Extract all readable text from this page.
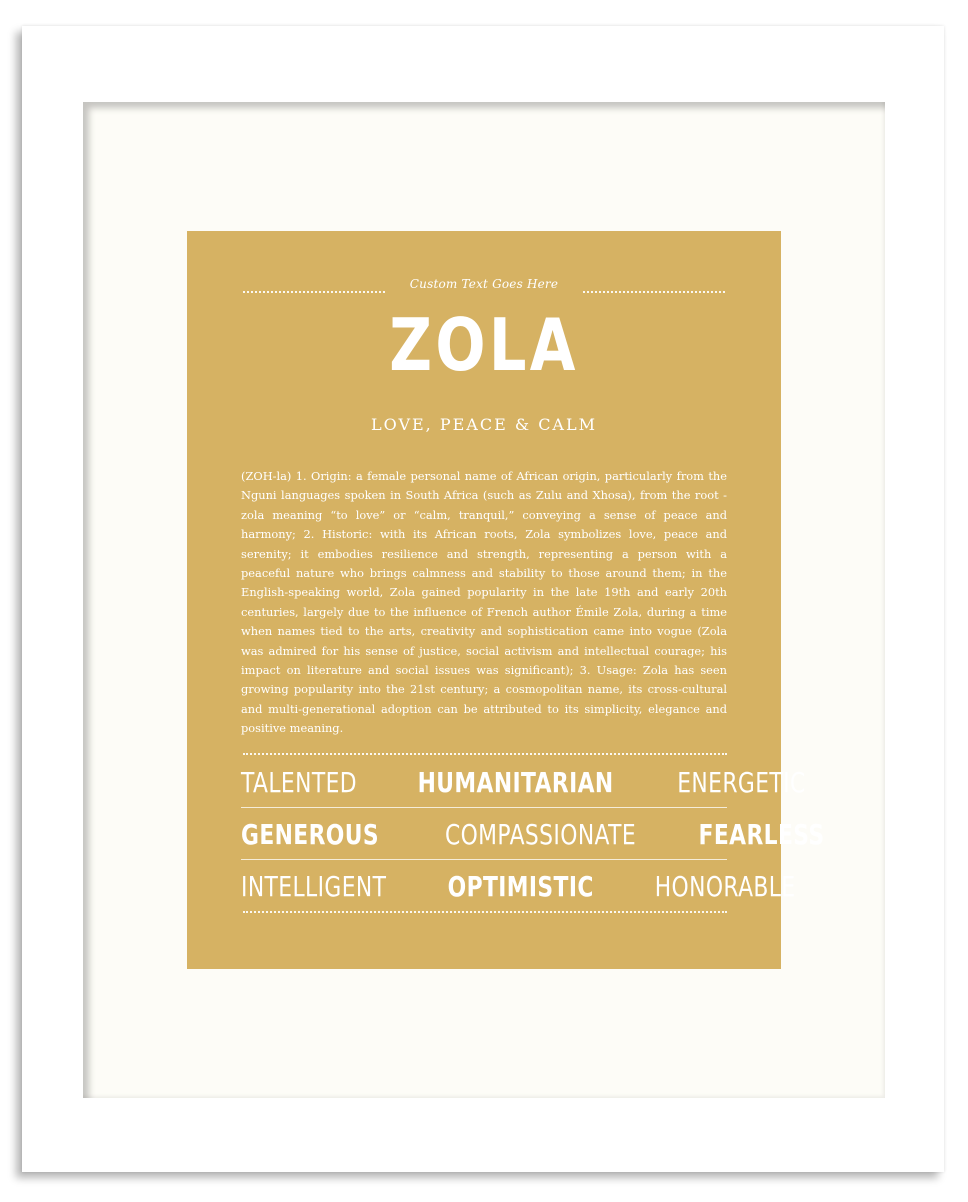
Custom Text Goes Here
ZOLA
LOVE, PEACE & CALM

(ZOH-la) 1. Origin: a female personal name of African origin, particularly from the Nguni languages spoken in South Africa (such as Zulu and Xhosa), from the root -zola meaning “to love” or “calm, tranquil,” conveying a sense of peace and harmony; 2. Historic: with its African roots, Zola symbolizes love, peace and serenity; it embodies resilience and strength, representing a person with a peaceful nature who brings calmness and stability to those around them; in the English-speaking world, Zola gained popularity in the late 19th and early 20th centuries, largely due to the influence of French author Émile Zola, during a time when names tied to the arts, creativity and sophistication came into vogue (Zola was admired for his sense of justice, social activism and intellectual courage; his impact on literature and social issues was significant); 3. Usage: Zola has seen growing popularity into the 21st century; a cosmopolitan name, its cross-cultural and multi-generational adoption can be attributed to its simplicity, elegance and positive meaning.

TALENTED HUMANITARIAN ENERGETIC
GENEROUS COMPASSIONATE FEARLESS
INTELLIGENT OPTIMISTIC HONORABLE
